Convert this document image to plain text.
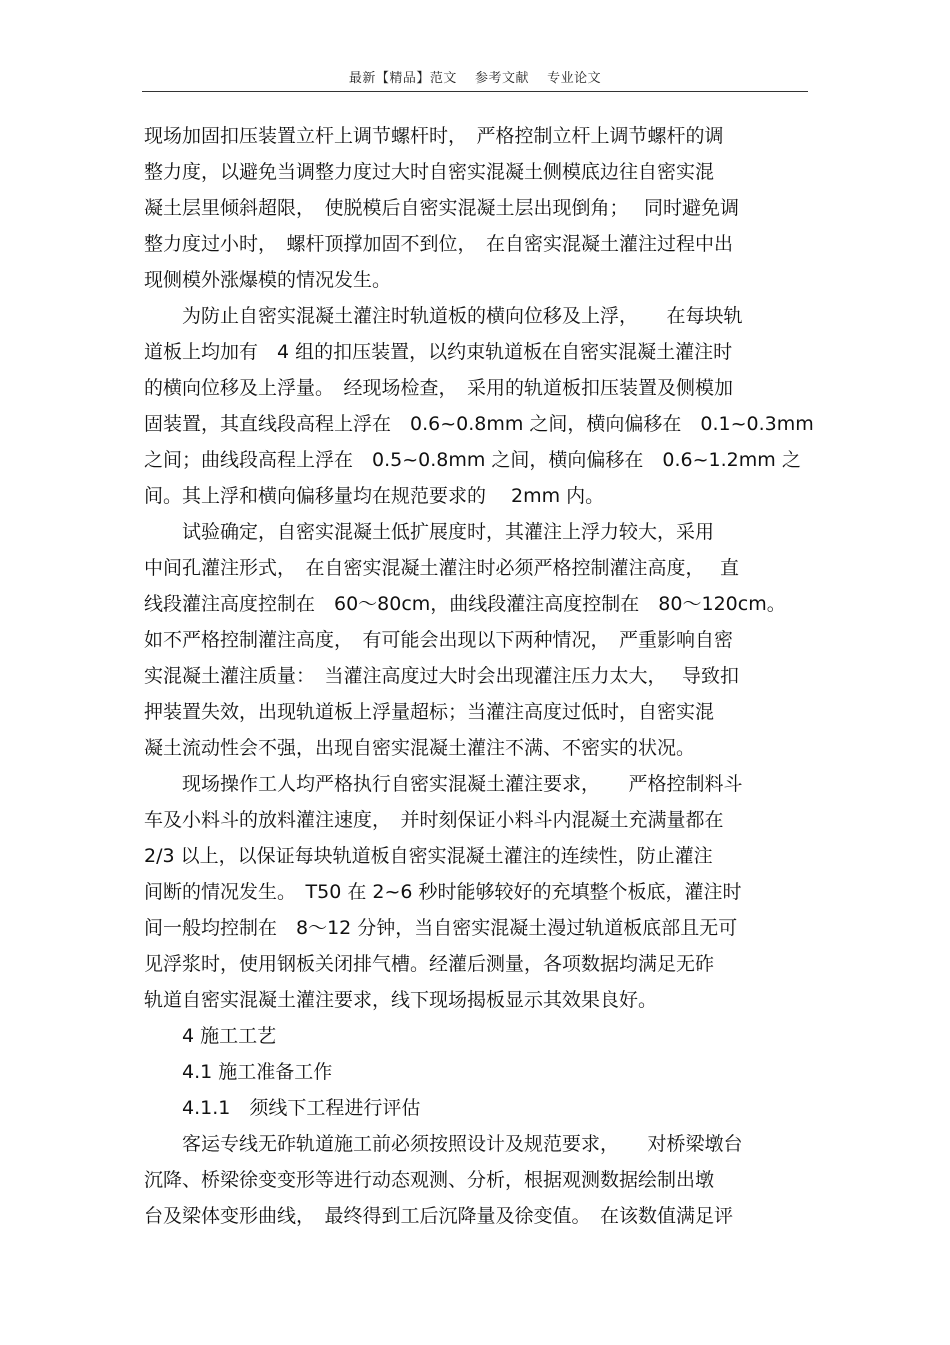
最新【精品】范文　 参考文献　 专业论文
现场加固扣压装置立杆上调节螺杆时，　严格控制立杆上调节螺杆的调
整力度，以避免当调整力度过大时自密实混凝土侧模底边往自密实混
凝土层里倾斜超限，　使脱模后自密实混凝土层出现倒角；　 同时避免调
整力度过小时，　螺杆顶撑加固不到位，　在自密实混凝土灌注过程中出
现侧模外涨爆模的情况发生。
　　为防止自密实混凝土灌注时轨道板的横向位移及上浮，　　在每块轨
道板上均加有　4 组的扣压装置，以约束轨道板在自密实混凝土灌注时
的横向位移及上浮量。　经现场检查，　采用的轨道板扣压装置及侧模加
固装置，其直线段高程上浮在　0.6~0.8mm 之间，横向偏移在　0.1~0.3mm
之间；曲线段高程上浮在　0.5~0.8mm 之间，横向偏移在　0.6~1.2mm 之
间。其上浮和横向偏移量均在规范要求的　 2mm 内。
　　试验确定，自密实混凝土低扩展度时，其灌注上浮力较大，采用
中间孔灌注形式，　在自密实混凝土灌注时必须严格控制灌注高度，　 直
线段灌注高度控制在　60～80cm，曲线段灌注高度控制在　80～120cm。
如不严格控制灌注高度，　有可能会出现以下两种情况，　严重影响自密
实混凝土灌注质量：　当灌注高度过大时会出现灌注压力太大，　 导致扣
押装置失效，出现轨道板上浮量超标；当灌注高度过低时，自密实混
凝土流动性会不强，出现自密实混凝土灌注不满、不密实的状况。
　　现场操作工人均严格执行自密实混凝土灌注要求，　　严格控制料斗
车及小料斗的放料灌注速度，　并时刻保证小料斗内混凝土充满量都在
2/3 以上，以保证每块轨道板自密实混凝土灌注的连续性，防止灌注
间断的情况发生。　T50 在 2~6 秒时能够较好的充填整个板底，灌注时
间一般均控制在　8～12 分钟，当自密实混凝土漫过轨道板底部且无可
见浮浆时，使用钢板关闭排气槽。经灌后测量，各项数据均满足无砟
轨道自密实混凝土灌注要求，线下现场揭板显示其效果良好。
　　4 施工工艺
　　4.1 施工准备工作
　　4.1.1　须线下工程进行评估
　　客运专线无砟轨道施工前必须按照设计及规范要求，　　对桥梁墩台
沉降、桥梁徐变变形等进行动态观测、分析，根据观测数据绘制出墩
台及梁体变形曲线，　最终得到工后沉降量及徐变值。　在该数值满足评
